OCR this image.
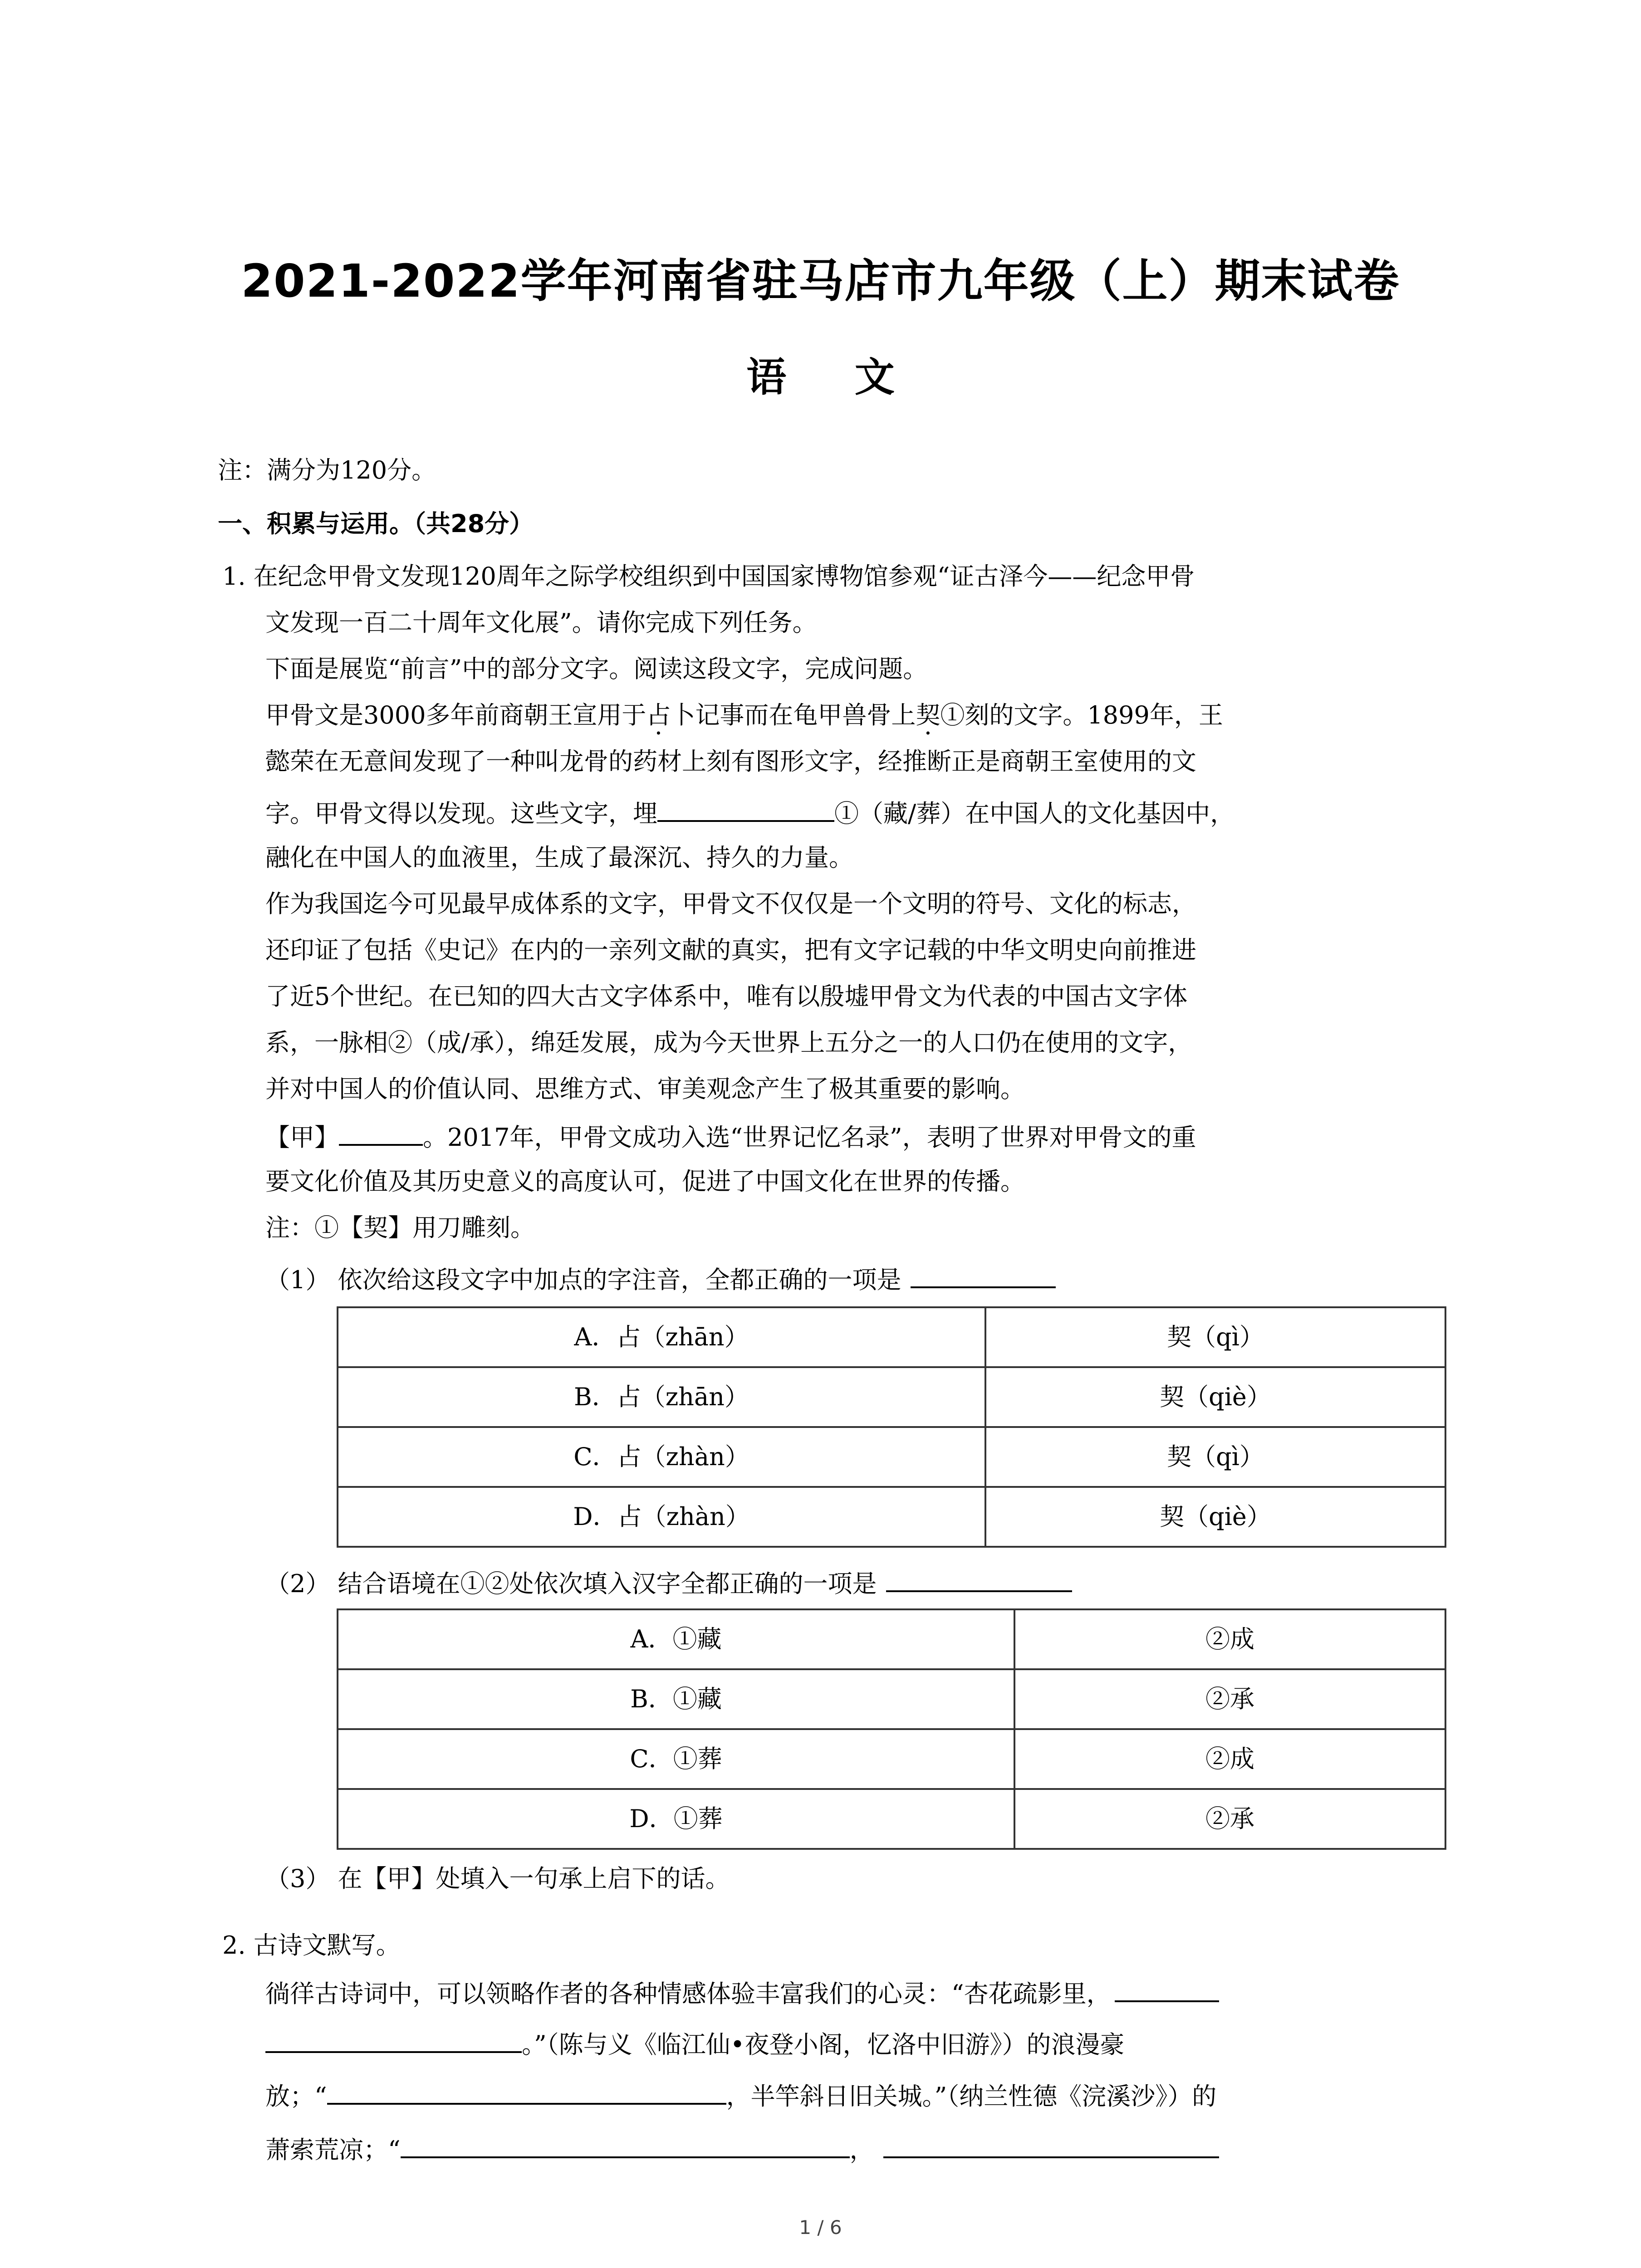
2021-2022学年河南省驻马店市九年级（上）期末试卷
语 文
注：满分为120分。
一、积累与运用。（共28分）
1. 在纪念甲骨文发现120周年之际学校组织到中国国家博物馆参观“证古泽今——纪念甲骨
文发现一百二十周年文化展”。请你完成下列任务。
下面是展览“前言”中的部分文字。阅读这段文字，完成问题。
甲骨文是3000多年前商朝王宣用于占卜记事而在龟甲兽骨上契①刻的文字。1899年，王
懿荣在无意间发现了一种叫龙骨的药材上刻有图形文字，经推断正是商朝王室使用的文
字。甲骨文得以发现。这些文字，埋	①（藏/葬）在中国人的文化基因中，
融化在中国人的血液里，生成了最深沉、持久的力量。
作为我国迄今可见最早成体系的文字，甲骨文不仅仅是一个文明的符号、文化的标志，
还印证了包括《史记》在内的一亲列文献的真实，把有文字记载的中华文明史向前推进
了近5个世纪。在已知的四大古文字体系中，唯有以殷墟甲骨文为代表的中国古文字体
系，一脉相②（成/承），绵廷发展，成为今天世界上五分之一的人口仍在使用的文字，
并对中国人的价值认同、思维方式、审美观念产生了极其重要的影响。
【甲】	。2017年，甲骨文成功入选“世界记忆名录”，表明了世界对甲骨文的重
要文化价值及其历史意义的高度认可，促进了中国文化在世界的传播。
注：①【契】用刀雕刻。
（1） 依次给这段文字中加点的字注音，全都正确的一项是
A．占（zhān）	契（qì）
B．占（zhān）	契（qiè）
C．占（zhàn）	契（qì）
D．占（zhàn）	契（qiè）
（2） 结合语境在①②处依次填入汉字全都正确的一项是
A．①藏	②成
B．①藏	②承
C．①葬	②成
D．①葬	②承
（3） 在【甲】处填入一句承上启下的话。
2. 古诗文默写。
徜徉古诗词中，可以领略作者的各种情感体验丰富我们的心灵：“杏花疏影里，
。”（陈与义《临江仙•夜登小阁，忆洛中旧游》）的浪漫豪
放；“	，半竿斜日旧关城。”（纳兰性德《浣溪沙》）的
萧索荒凉；“	，
1 / 6
